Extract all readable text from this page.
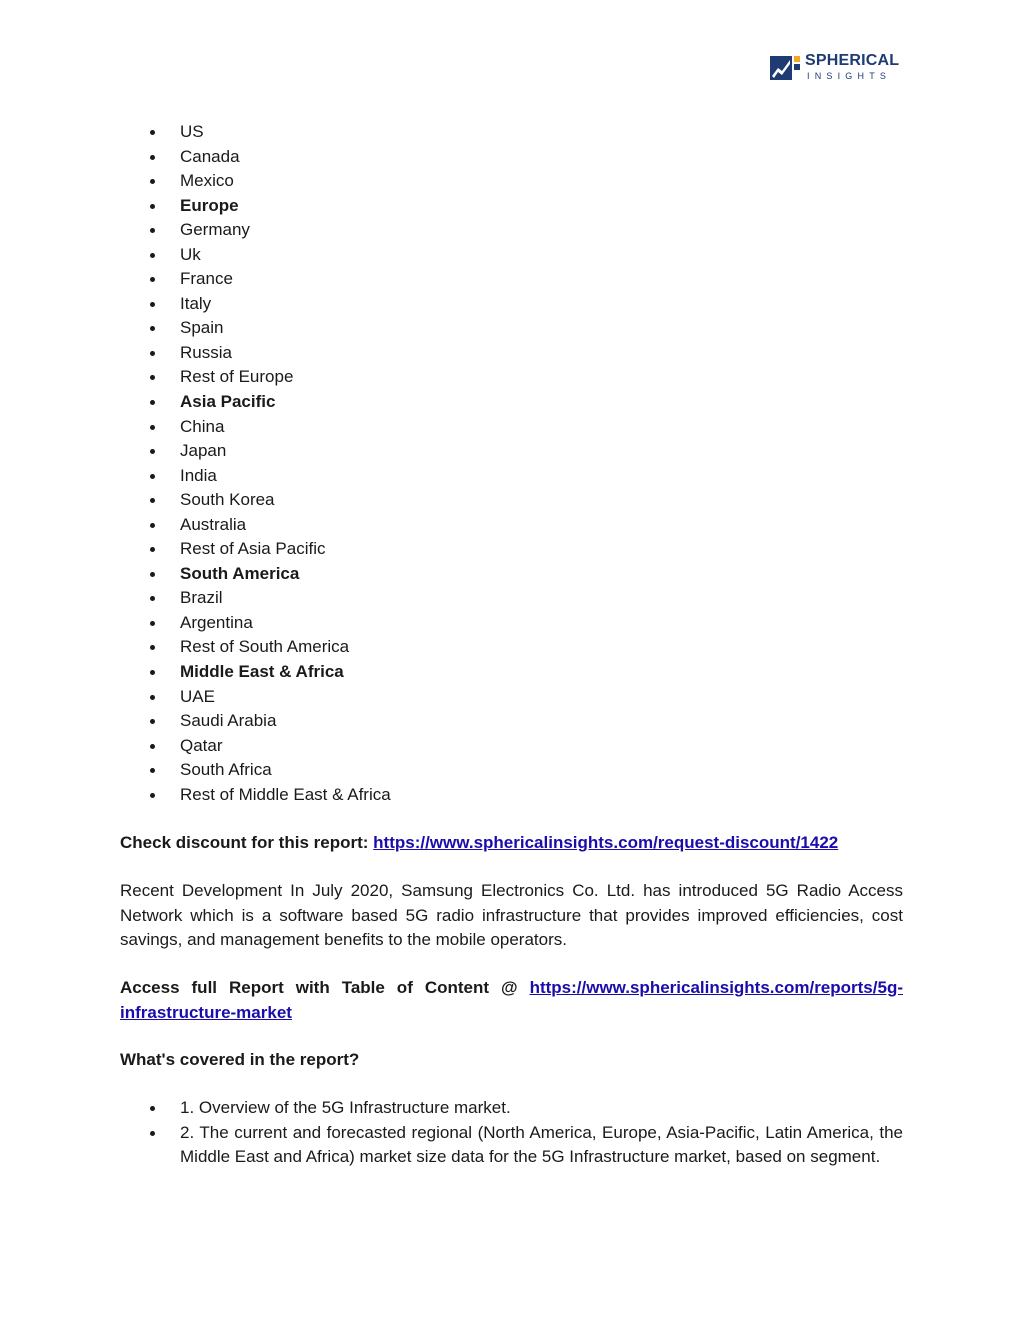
SPHERICAL
INSIGHTS
US
Canada
Mexico
Europe
Germany
Uk
France
Italy
Spain
Russia
Rest of Europe
Asia Pacific
China
Japan
India
South Korea
Australia
Rest of Asia Pacific
South America
Brazil
Argentina
Rest of South America
Middle East & Africa
UAE
Saudi Arabia
Qatar
South Africa
Rest of Middle East & Africa

Check discount for this report: https://www.sphericalinsights.com/request-discount/1422

Recent Development In July 2020, Samsung Electronics Co. Ltd. has introduced 5G Radio Access Network which is a software based 5G radio infrastructure that provides improved efficiencies, cost savings, and management benefits to the mobile operators.

Access full Report with Table of Content @ https://www.sphericalinsights.com/reports/5g-infrastructure-market

What's covered in the report?

1. Overview of the 5G Infrastructure market.
2. The current and forecasted regional (North America, Europe, Asia-Pacific, Latin America, the Middle East and Africa) market size data for the 5G Infrastructure market, based on segment.
